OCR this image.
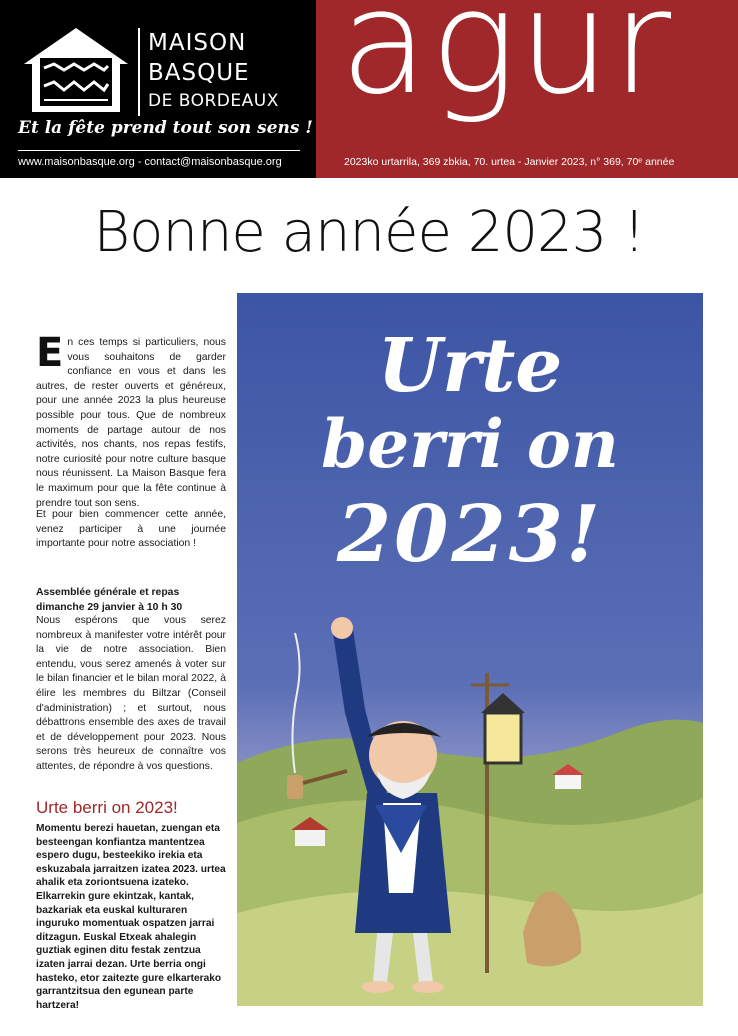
MAISON
BASQUE
DE BORDEAUX
Et la fête prend tout son sens !
www.maisonbasque.org - contact@maisonbasque.org
agur
2023ko urtarrila, 369 zbkia, 70. urtea - Janvier 2023, n° 369, 70ᵉ année
Bonne année 2023 !
En ces temps si particuliers, nous vous souhaitons de garder confiance en vous et dans les autres, de rester ouverts et généreux, pour une année 2023 la plus heureuse possible pour tous. Que de nombreux moments de partage autour de nos activités, nos chants, nos repas festifs, notre curiosité pour notre culture basque nous réunissent. La Maison Basque fera le maximum pour que la fête continue à prendre tout son sens.
Et pour bien commencer cette année, venez participer à une journée importante pour notre association !
Assemblée générale et repas
dimanche 29 janvier à 10 h 30
Nous espérons que vous serez nombreux à manifester votre intérêt pour la vie de notre association. Bien entendu, vous serez amenés à voter sur le bilan financier et le bilan moral 2022, à élire les membres du Biltzar (Conseil d'administration) ; et surtout, nous débattrons ensemble des axes de travail et de développement pour 2023. Nous serons très heureux de connaître vos attentes, de répondre à vos questions.
Urte berri on 2023!
Momentu berezi hauetan, zuengan eta besteengan konfiantza mantentzea espero dugu, besteekiko irekia eta eskuzabala jarraitzen izatea 2023. urtea ahalik eta zoriontsuena izateko. Elkarrekin gure ekintzak, kantak, bazkariak eta euskal kulturaren inguruko momentuak ospatzen jarrai ditzagun. Euskal Etxeak ahalegin guztiak eginen ditu festak zentzua izaten jarrai dezan. Urte berria ongi hasteko, etor zaitezte gure elkarterako garrantzitsua den egunean parte hartzera!
Urte
berri on
2023!
